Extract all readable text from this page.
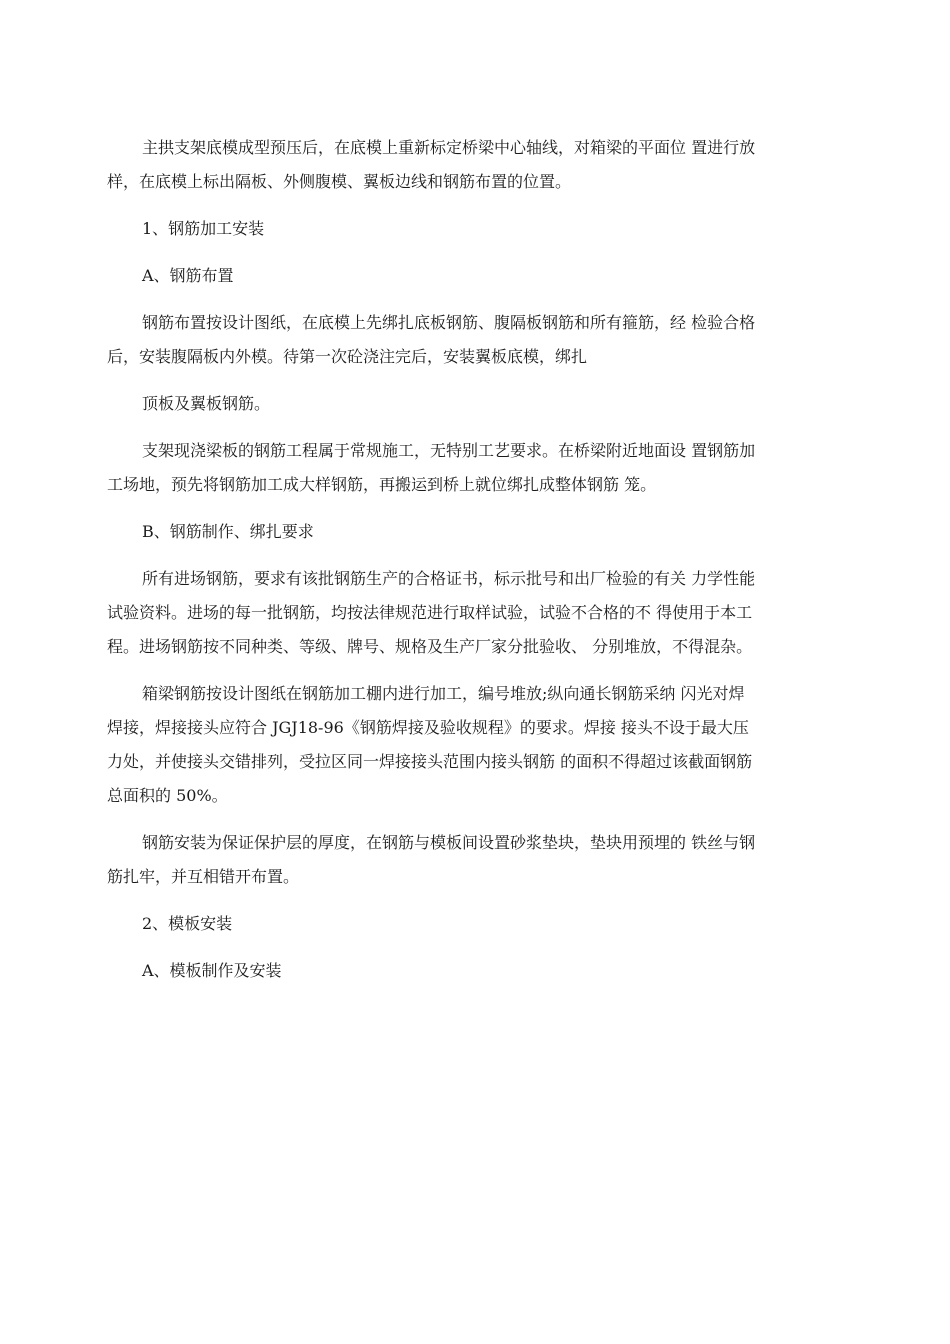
主拱支架底模成型预压后，在底模上重新标定桥梁中心轴线，对箱梁的平面位 置进行放
样，在底模上标出隔板、外侧腹模、翼板边线和钢筋布置的位置。

1、钢筋加工安装

A、钢筋布置

钢筋布置按设计图纸，在底模上先绑扎底板钢筋、腹隔板钢筋和所有箍筋，经 检验合格
后，安装腹隔板内外模。待第一次砼浇注完后，安装翼板底模，绑扎

顶板及翼板钢筋。

支架现浇梁板的钢筋工程属于常规施工，无特别工艺要求。在桥梁附近地面设 置钢筋加
工场地，预先将钢筋加工成大样钢筋，再搬运到桥上就位绑扎成整体钢筋 笼。

B、钢筋制作、绑扎要求

所有进场钢筋，要求有该批钢筋生产的合格证书，标示批号和出厂检验的有关 力学性能
试验资料。进场的每一批钢筋，均按法律规范进行取样试验，试验不合格的不 得使用于本工
程。进场钢筋按不同种类、等级、牌号、规格及生产厂家分批验收、 分别堆放，不得混杂。

箱梁钢筋按设计图纸在钢筋加工棚内进行加工，编号堆放;纵向通长钢筋采纳 闪光对焊
焊接，焊接接头应符合 JGJ18-96《钢筋焊接及验收规程》的要求。焊接 接头不设于最大压
力处，并使接头交错排列，受拉区同一焊接接头范围内接头钢筋 的面积不得超过该截面钢筋
总面积的 50%。

钢筋安装为保证保护层的厚度，在钢筋与模板间设置砂浆垫块，垫块用预埋的 铁丝与钢
筋扎牢，并互相错开布置。

2、模板安装

A、模板制作及安装
